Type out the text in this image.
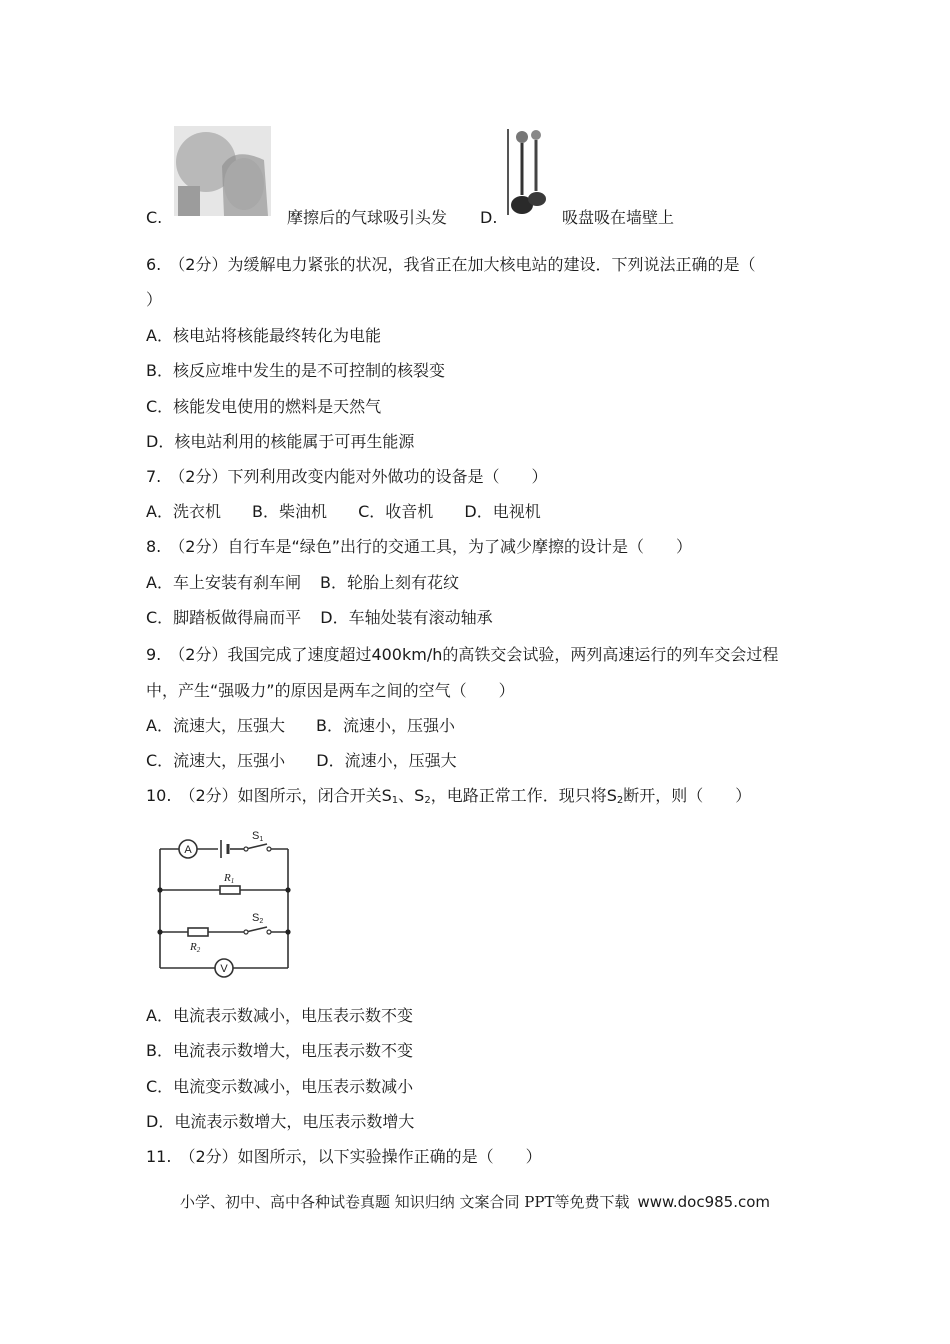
C.	摩擦后的气球吸引头发 D.	吸盘吸在墙壁上
6. （2分）为缓解电力紧张的状况，我省正在加大核电站的建设．下列说法正确的是（
）
A．核电站将核能最终转化为电能
B．核反应堆中发生的是不可控制的核裂变
C．核能发电使用的燃料是天然气
D．核电站利用的核能属于可再生能源
7. （2分）下列利用改变内能对外做功的设备是（　　）
A．洗衣机 B．柴油机 C．收音机 D．电视机
8. （2分）自行车是“绿色”出行的交通工具，为了减少摩擦的设计是（　　）
A．车上安装有刹车闸 B．轮胎上刻有花纹
C．脚踏板做得扁而平 D．车轴处装有滚动轴承
9. （2分）我国完成了速度超过400km/h的高铁交会试验，两列高速运行的列车交会过程
中，产生“强吸力”的原因是两车之间的空气（　　）
A．流速大，压强大 B．流速小，压强小
C．流速大，压强小 D．流速小，压强大
10. （2分）如图所示，闭合开关$S_1$、$S_2$，电路正常工作．现只将$S_2$断开，则（　　）
A
V
S1
R1
S2
R2
A．电流表示数减小，电压表示数不变
B．电流表示数增大，电压表示数不变
C．电流变示数减小，电压表示数减小
D．电流表示数增大，电压表示数增大
11. （2分）如图所示，以下实验操作正确的是（　　）
小学、初中、高中各种试卷真题 知识归纳 文案合同 PPT等免费下载 www.doc985.com
